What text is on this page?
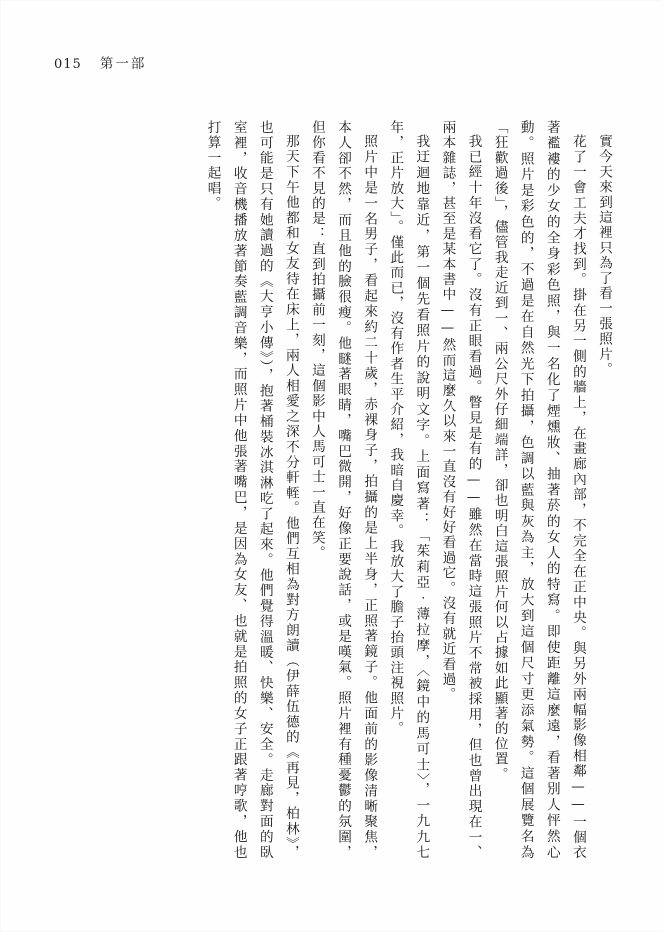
015 第一部

實今天來到這裡只為了看一張照片。

花了一會工夫才找到。掛在另一側的牆上，在畫廊內部，不完全在正中央。與另外兩幅影像相鄰——一個衣著襤褸的少女的全身彩色照，與一名化了煙燻妝、抽著菸的女人的特寫。即使距離這麼遠，看著別人怦然心動。照片是彩色的，不過是在自然光下拍攝，色調以藍與灰為主，放大到這個尺寸更添氣勢。這個展覽名為「狂歡過後」，儘管我走近到一、兩公尺外仔細端詳，卻也明白這張照片何以占據如此顯著的位置。

我已經十年沒看它了。沒有正眼看過。瞥見是有的——雖然在當時這張照片不常被採用，但也曾出現在一、兩本雜誌，甚至是某本書中——然而這麼久以來一直沒有好好看過它。沒有就近看過。

我迂迴地靠近，第一個先看照片的說明文字。上面寫著：「茱莉亞‧薄拉摩，〈鏡中的馬可士〉，一九九七年，正片放大」。僅此而已，沒有作者生平介紹，我暗自慶幸。我放大了膽子抬頭注視照片。

照片中是一名男子，看起來約二十歲，赤裸身子，拍攝的是上半身，正照著鏡子。他面前的影像清晰聚焦，本人卻不然，而且他的臉很瘦。他瞇著眼睛，嘴巴微開，好像正要說話，或是嘆氣。照片裡有種憂鬱的氛圍，但你看不見的是：直到拍攝前一刻，這個影中人馬可士一直在笑。

那天下午他都和女友待在床上，兩人相愛之深不分軒輊。他們互相為對方朗讀（伊薛伍德的《再見，柏林》，也可能是只有她讀過的《大亨小傳》），抱著桶裝冰淇淋吃了起來。他們覺得溫暖、快樂、安全。走廊對面的臥室裡，收音機播放著節奏藍調音樂，而照片中他張著嘴巴，是因為女友、也就是拍照的女子正跟著哼歌，他也打算一起唱。
